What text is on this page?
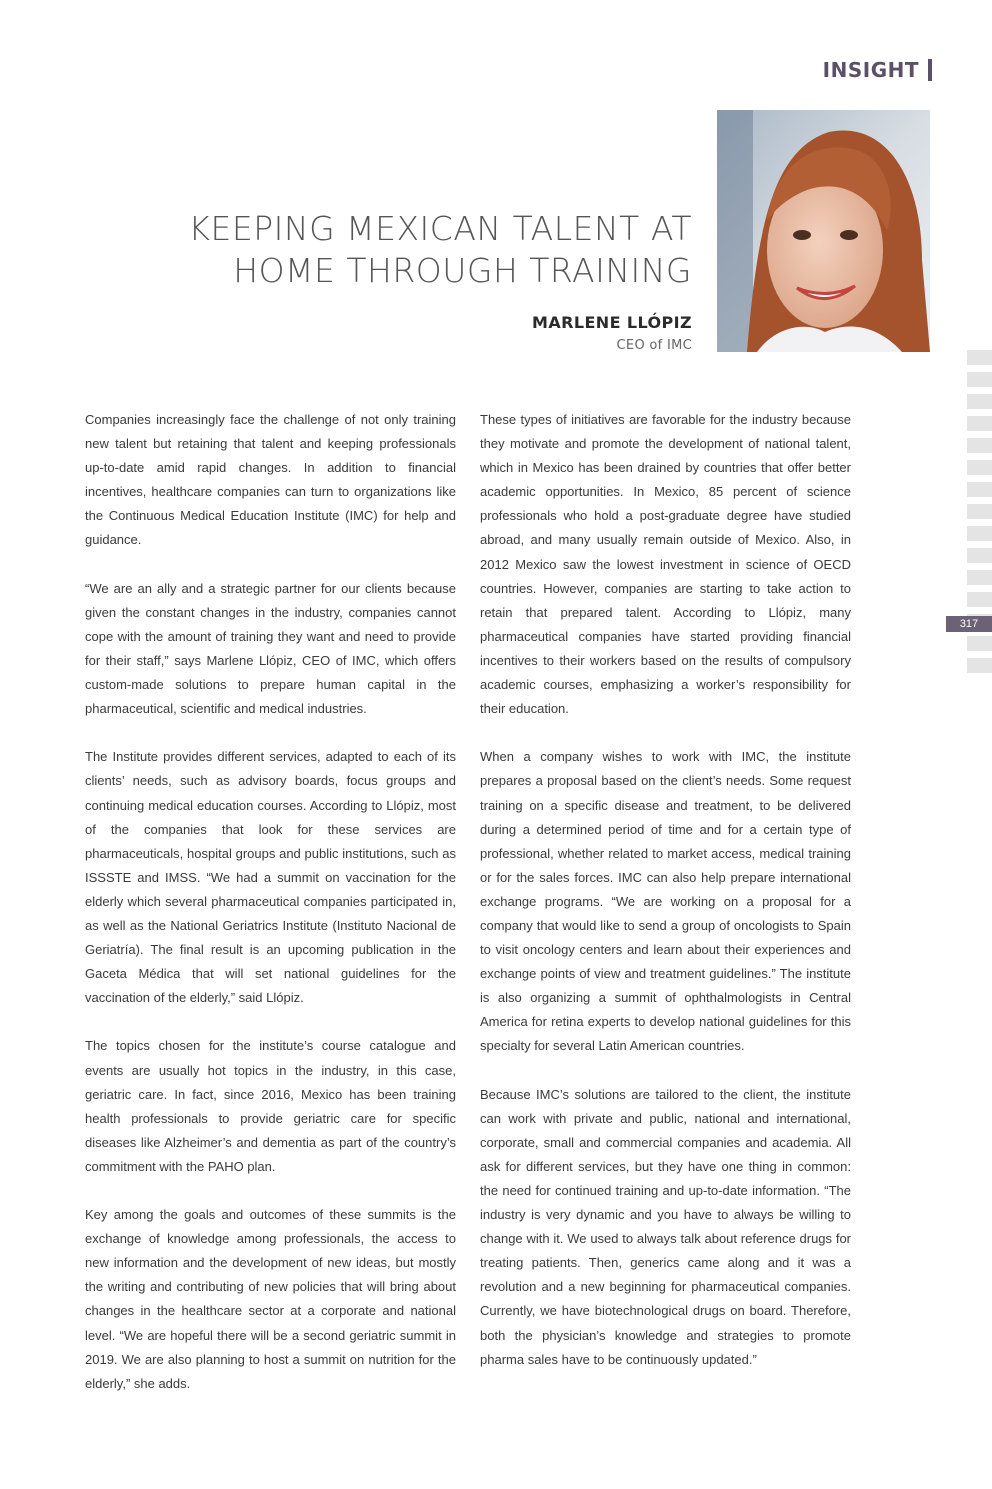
INSIGHT
KEEPING MEXICAN TALENT AT
HOME THROUGH TRAINING
MARLENE LLÓPIZ
CEO of IMC
317

Companies increasingly face the challenge of not only training new talent but retaining that talent and keeping professionals up-to-date amid rapid changes. In addition to financial incentives, healthcare companies can turn to organizations like the Continuous Medical Education Institute (IMC) for help and guidance.

“We are an ally and a strategic partner for our clients because given the constant changes in the industry, companies cannot cope with the amount of training they want and need to provide for their staff,” says Marlene Llópiz, CEO of IMC, which offers custom-made solutions to prepare human capital in the pharmaceutical, scientific and medical industries.

The Institute provides different services, adapted to each of its clients’ needs, such as advisory boards, focus groups and continuing medical education courses. According to Llópiz, most of the companies that look for these services are pharmaceuticals, hospital groups and public institutions, such as ISSSTE and IMSS. “We had a summit on vaccination for the elderly which several pharmaceutical companies participated in, as well as the National Geriatrics Institute (Instituto Nacional de Geriatría). The final result is an upcoming publication in the Gaceta Médica that will set national guidelines for the vaccination of the elderly,” said Llópiz.

The topics chosen for the institute’s course catalogue and events are usually hot topics in the industry, in this case, geriatric care. In fact, since 2016, Mexico has been training health professionals to provide geriatric care for specific diseases like Alzheimer’s and dementia as part of the country’s commitment with the PAHO plan.

Key among the goals and outcomes of these summits is the exchange of knowledge among professionals, the access to new information and the development of new ideas, but mostly the writing and contributing of new policies that will bring about changes in the healthcare sector at a corporate and national level. “We are hopeful there will be a second geriatric summit in 2019. We are also planning to host a summit on nutrition for the elderly,” she adds.

These types of initiatives are favorable for the industry because they motivate and promote the development of national talent, which in Mexico has been drained by countries that offer better academic opportunities. In Mexico, 85 percent of science professionals who hold a post-graduate degree have studied abroad, and many usually remain outside of Mexico. Also, in 2012 Mexico saw the lowest investment in science of OECD countries. However, companies are starting to take action to retain that prepared talent. According to Llópiz, many pharmaceutical companies have started providing financial incentives to their workers based on the results of compulsory academic courses, emphasizing a worker’s responsibility for their education.

When a company wishes to work with IMC, the institute prepares a proposal based on the client’s needs. Some request training on a specific disease and treatment, to be delivered during a determined period of time and for a certain type of professional, whether related to market access, medical training or for the sales forces. IMC can also help prepare international exchange programs. “We are working on a proposal for a company that would like to send a group of oncologists to Spain to visit oncology centers and learn about their experiences and exchange points of view and treatment guidelines.” The institute is also organizing a summit of ophthalmologists in Central America for retina experts to develop national guidelines for this specialty for several Latin American countries.

Because IMC’s solutions are tailored to the client, the institute can work with private and public, national and international, corporate, small and commercial companies and academia. All ask for different services, but they have one thing in common: the need for continued training and up-to-date information. “The industry is very dynamic and you have to always be willing to change with it. We used to always talk about reference drugs for treating patients. Then, generics came along and it was a revolution and a new beginning for pharmaceutical companies. Currently, we have biotechnological drugs on board. Therefore, both the physician’s knowledge and strategies to promote pharma sales have to be continuously updated.”
